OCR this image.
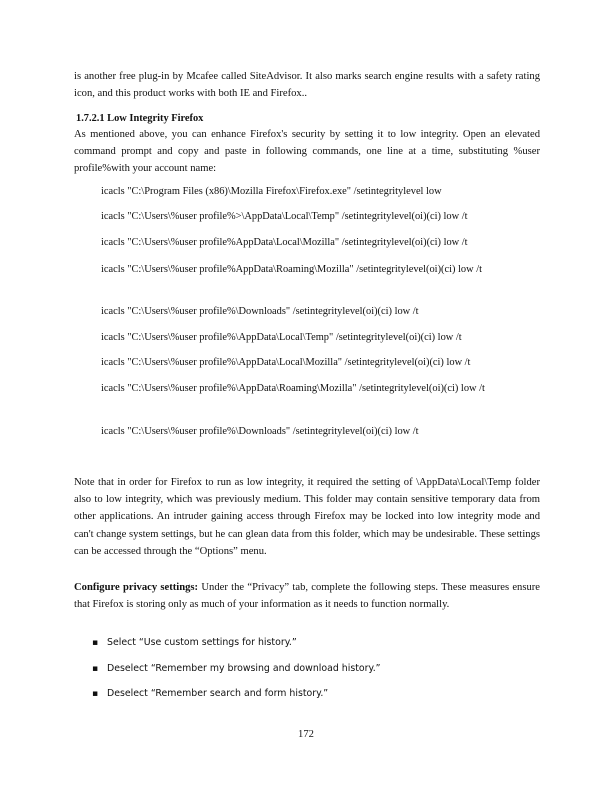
is another free plug-in by Mcafee called SiteAdvisor. It also marks search engine results with a safety rating icon, and this product works with both IE and Firefox..

1.7.2.1 Low Integrity Firefox

As mentioned above, you can enhance Firefox's security by setting it to low integrity. Open an elevated command prompt and copy and paste in following commands, one line at a time, substituting %user profile%with your account name:

icacls "C:\Program Files (x86)\Mozilla Firefox\Firefox.exe" /setintegritylevel low

icacls "C:\Users\%user profile%>\AppData\Local\Temp" /setintegritylevel(oi)(ci) low /t

icacls "C:\Users\%user profile%AppData\Local\Mozilla" /setintegritylevel(oi)(ci) low /t

icacls "C:\Users\%user profile%AppData\Roaming\Mozilla" /setintegritylevel(oi)(ci) low /t

icacls "C:\Users\%user profile%\Downloads" /setintegritylevel(oi)(ci) low /t

icacls "C:\Users\%user profile%\AppData\Local\Temp" /setintegritylevel(oi)(ci) low /t

icacls "C:\Users\%user profile%\AppData\Local\Mozilla" /setintegritylevel(oi)(ci) low /t

icacls "C:\Users\%user profile%\AppData\Roaming\Mozilla" /setintegritylevel(oi)(ci) low /t

icacls "C:\Users\%user profile%\Downloads" /setintegritylevel(oi)(ci) low /t

Note that in order for Firefox to run as low integrity, it required the setting of \AppData\Local\Temp folder also to low integrity, which was previously medium. This folder may contain sensitive temporary data from other applications. An intruder gaining access through Firefox may be locked into low integrity mode and can't change system settings, but he can glean data from this folder, which may be undesirable. These settings can be accessed through the “Options” menu.

Configure privacy settings: Under the “Privacy” tab, complete the following steps. These measures ensure that Firefox is storing only as much of your information as it needs to function normally.

▪ Select “Use custom settings for history.”
▪ Deselect “Remember my browsing and download history.”
▪ Deselect “Remember search and form history.”
172
